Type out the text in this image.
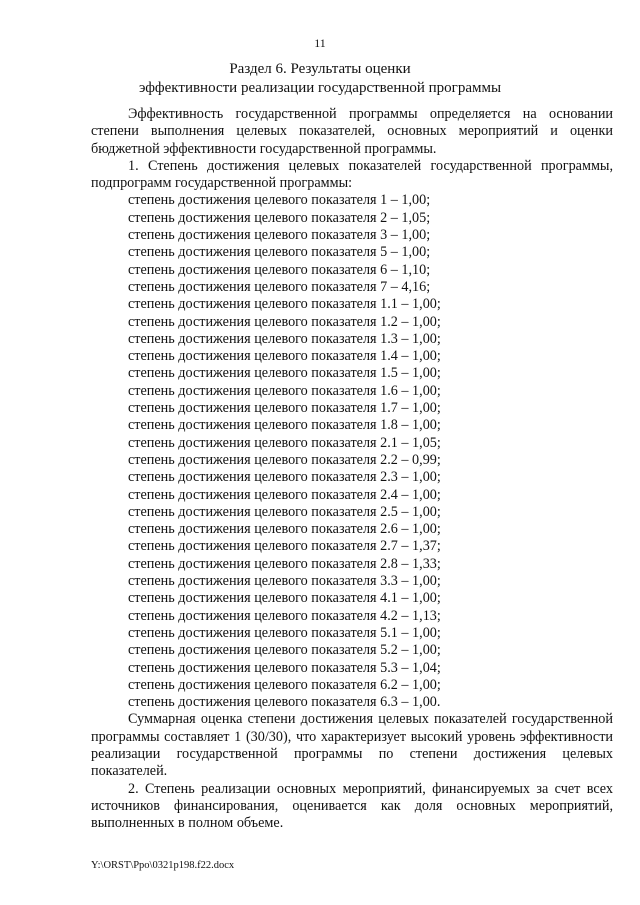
11
Раздел 6. Результаты оценки
эффективности реализации государственной программы

Эффективность государственной программы определяется на основании степени выполнения целевых показателей, основных мероприятий и оценки бюджетной эффективности государственной программы.

1. Степень достижения целевых показателей государственной программы, подпрограмм государственной программы:

степень достижения целевого показателя 1 – 1,00;
степень достижения целевого показателя 2 – 1,05;
степень достижения целевого показателя 3 – 1,00;
степень достижения целевого показателя 5 – 1,00;
степень достижения целевого показателя 6 – 1,10;
степень достижения целевого показателя 7 – 4,16;
степень достижения целевого показателя 1.1 – 1,00;
степень достижения целевого показателя 1.2 – 1,00;
степень достижения целевого показателя 1.3 – 1,00;
степень достижения целевого показателя 1.4 – 1,00;
степень достижения целевого показателя 1.5 – 1,00;
степень достижения целевого показателя 1.6 – 1,00;
степень достижения целевого показателя 1.7 – 1,00;
степень достижения целевого показателя 1.8 – 1,00;
степень достижения целевого показателя 2.1 – 1,05;
степень достижения целевого показателя 2.2 – 0,99;
степень достижения целевого показателя 2.3 – 1,00;
степень достижения целевого показателя 2.4 – 1,00;
степень достижения целевого показателя 2.5 – 1,00;
степень достижения целевого показателя 2.6 – 1,00;
степень достижения целевого показателя 2.7 – 1,37;
степень достижения целевого показателя 2.8 – 1,33;
степень достижения целевого показателя 3.3 – 1,00;
степень достижения целевого показателя 4.1 – 1,00;
степень достижения целевого показателя 4.2 – 1,13;
степень достижения целевого показателя 5.1 – 1,00;
степень достижения целевого показателя 5.2 – 1,00;
степень достижения целевого показателя 5.3 – 1,04;
степень достижения целевого показателя 6.2 – 1,00;
степень достижения целевого показателя 6.3 – 1,00.

Суммарная оценка степени достижения целевых показателей государственной программы составляет 1 (30/30), что характеризует высокий уровень эффективности реализации государственной программы по степени достижения целевых показателей.

2. Степень реализации основных мероприятий, финансируемых за счет всех источников финансирования, оценивается как доля основных мероприятий, выполненных в полном объеме.

Y:\ORST\Ppo\0321p198.f22.docx
